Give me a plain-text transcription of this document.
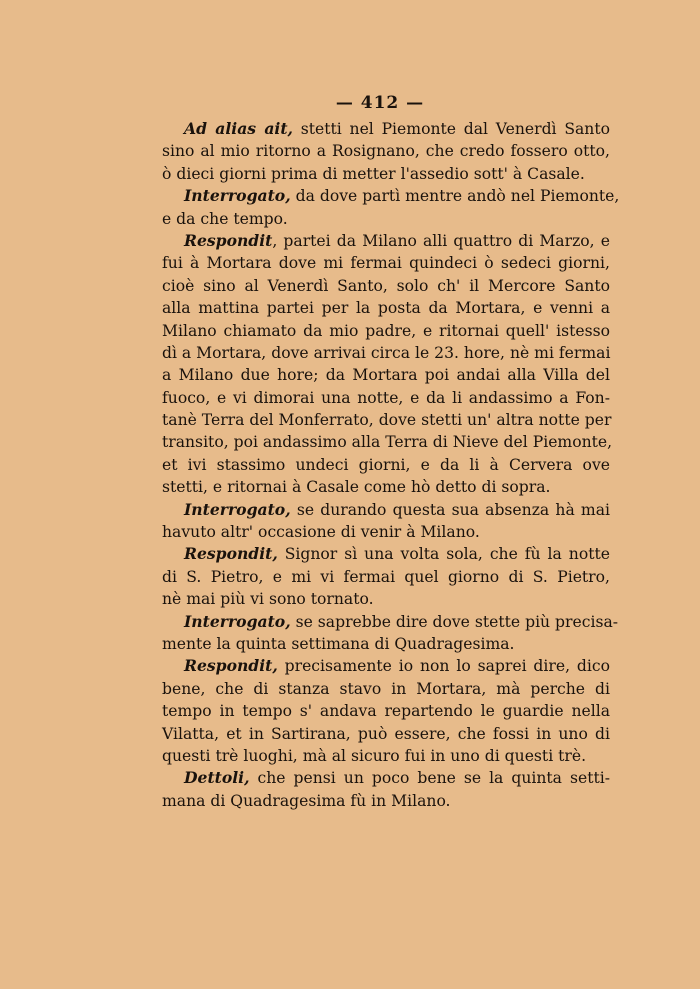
— 412 —
Ad alias ait, stetti nel Piemonte dal Venerdì Santo
sino al mio ritorno a Rosignano, che credo fossero otto,
ò dieci giorni prima di metter l'assedio sott' à Casale.
Interrogato, da dove partì mentre andò nel Piemonte,
e da che tempo.
Respondit, partei da Milano alli quattro di Marzo, e
fui à Mortara dove mi fermai quindeci ò sedeci giorni,
cioè sino al Venerdì Santo, solo ch' il Mercore Santo
alla mattina partei per la posta da Mortara, e venni a
Milano chiamato da mio padre, e ritornai quell' istesso
dì a Mortara, dove arrivai circa le 23. hore, nè mi fermai
a Milano due hore; da Mortara poi andai alla Villa del
fuoco, e vi dimorai una notte, e da li andassimo a Fon-
tanè Terra del Monferrato, dove stetti un' altra notte per
transito, poi andassimo alla Terra di Nieve del Piemonte,
et ivi stassimo undeci giorni, e da li à Cervera ove
stetti, e ritornai à Casale come hò detto di sopra.
Interrogato, se durando questa sua absenza hà mai
havuto altr' occasione di venir à Milano.
Respondit, Signor sì una volta sola, che fù la notte
di S. Pietro, e mi vi fermai quel giorno di S. Pietro,
nè mai più vi sono tornato.
Interrogato, se saprebbe dire dove stette più precisa-
mente la quinta settimana di Quadragesima.
Respondit, precisamente io non lo saprei dire, dico
bene, che di stanza stavo in Mortara, mà perche di
tempo in tempo s' andava repartendo le guardie nella
Vilatta, et in Sartirana, può essere, che fossi in uno di
questi trè luoghi, mà al sicuro fui in uno di questi trè.
Dettoli, che pensi un poco bene se la quinta setti-
mana di Quadragesima fù in Milano.
